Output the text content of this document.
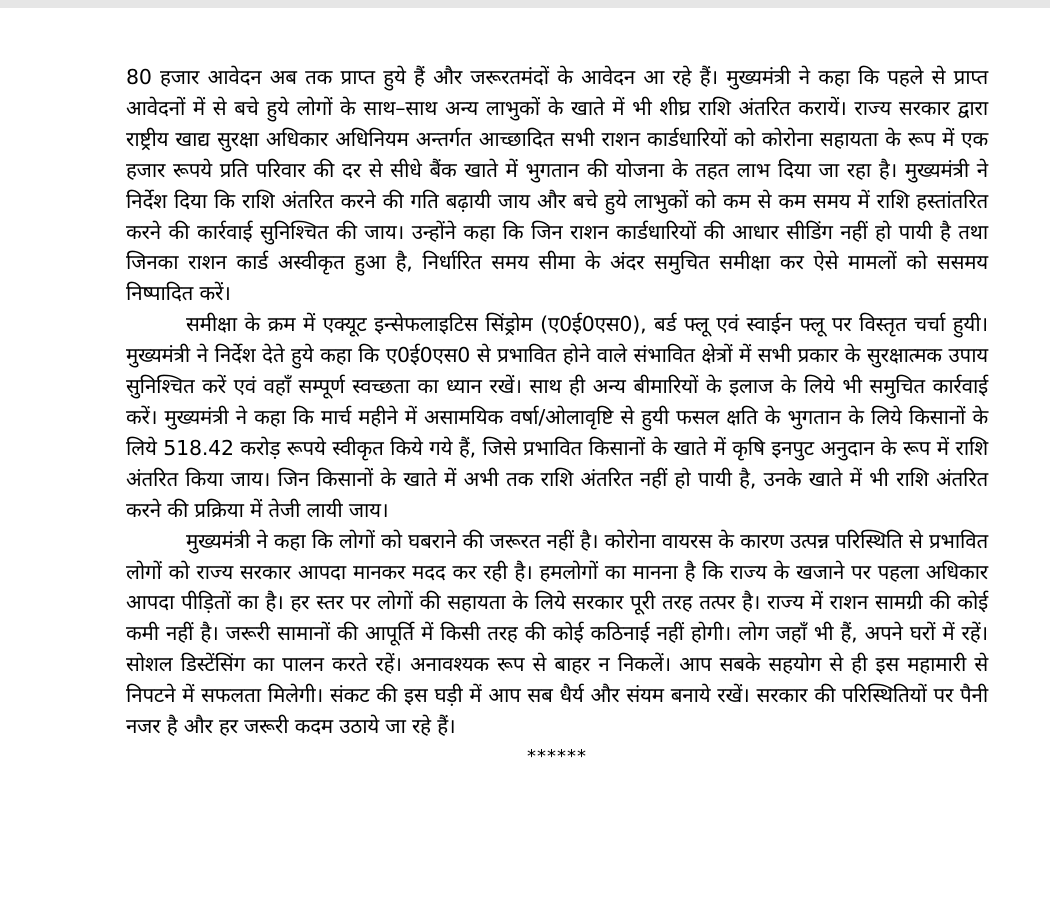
80 हजार आवेदन अब तक प्राप्त हुये हैं और जरूरतमंदों के आवेदन आ रहे हैं। मुख्यमंत्री ने कहा कि पहले से प्राप्त आवेदनों में से बचे हुये लोगों के साथ–साथ अन्य लाभुकों के खाते में भी शीघ्र राशि अंतरित करायें। राज्य सरकार द्वारा राष्ट्रीय खाद्य सुरक्षा अधिकार अधिनियम अन्तर्गत आच्छादित सभी राशन कार्डधारियों को कोरोना सहायता के रूप में एक हजार रूपये प्रति परिवार की दर से सीधे बैंक खाते में भुगतान की योजना के तहत लाभ दिया जा रहा है। मुख्यमंत्री ने निर्देश दिया कि राशि अंतरित करने की गति बढ़ायी जाय और बचे हुये लाभुकों को कम से कम समय में राशि हस्तांतरित करने की कार्रवाई सुनिश्चित की जाय। उन्होंने कहा कि जिन राशन कार्डधारियों की आधार सीडिंग नहीं हो पायी है तथा जिनका राशन कार्ड अस्वीकृत हुआ है, निर्धारित समय सीमा के अंदर समुचित समीक्षा कर ऐसे मामलों को ससमय निष्पादित करें।

समीक्षा के क्रम में एक्यूट इन्सेफलाइटिस सिंड्रोम (ए0ई0एस0), बर्ड फ्लू एवं स्वाईन फ्लू पर विस्तृत चर्चा हुयी। मुख्यमंत्री ने निर्देश देते हुये कहा कि ए0ई0एस0 से प्रभावित होने वाले संभावित क्षेत्रों में सभी प्रकार के सुरक्षात्मक उपाय सुनिश्चित करें एवं वहाँ सम्पूर्ण स्वच्छता का ध्यान रखें। साथ ही अन्य बीमारियों के इलाज के लिये भी समुचित कार्रवाई करें। मुख्यमंत्री ने कहा कि मार्च महीने में असामयिक वर्षा/ओलावृष्टि से हुयी फसल क्षति के भुगतान के लिये किसानों के लिये 518.42 करोड़ रूपये स्वीकृत किये गये हैं, जिसे प्रभावित किसानों के खाते में कृषि इनपुट अनुदान के रूप में राशि अंतरित किया जाय। जिन किसानों के खाते में अभी तक राशि अंतरित नहीं हो पायी है, उनके खाते में भी राशि अंतरित करने की प्रक्रिया में तेजी लायी जाय।

मुख्यमंत्री ने कहा कि लोगों को घबराने की जरूरत नहीं है। कोरोना वायरस के कारण उत्पन्न परिस्थिति से प्रभावित लोगों को राज्य सरकार आपदा मानकर मदद कर रही है। हमलोगों का मानना है कि राज्य के खजाने पर पहला अधिकार आपदा पीड़ितों का है। हर स्तर पर लोगों की सहायता के लिये सरकार पूरी तरह तत्पर है। राज्य में राशन सामग्री की कोई कमी नहीं है। जरूरी सामानों की आपूर्ति में किसी तरह की कोई कठिनाई नहीं होगी। लोग जहाँ भी हैं, अपने घरों में रहें। सोशल डिस्टेंसिंग का पालन करते रहें। अनावश्यक रूप से बाहर न निकलें। आप सबके सहयोग से ही इस महामारी से निपटने में सफलता मिलेगी। संकट की इस घड़ी में आप सब धैर्य और संयम बनाये रखें। सरकार की परिस्थितियों पर पैनी नजर है और हर जरूरी कदम उठाये जा रहे हैं।

******
